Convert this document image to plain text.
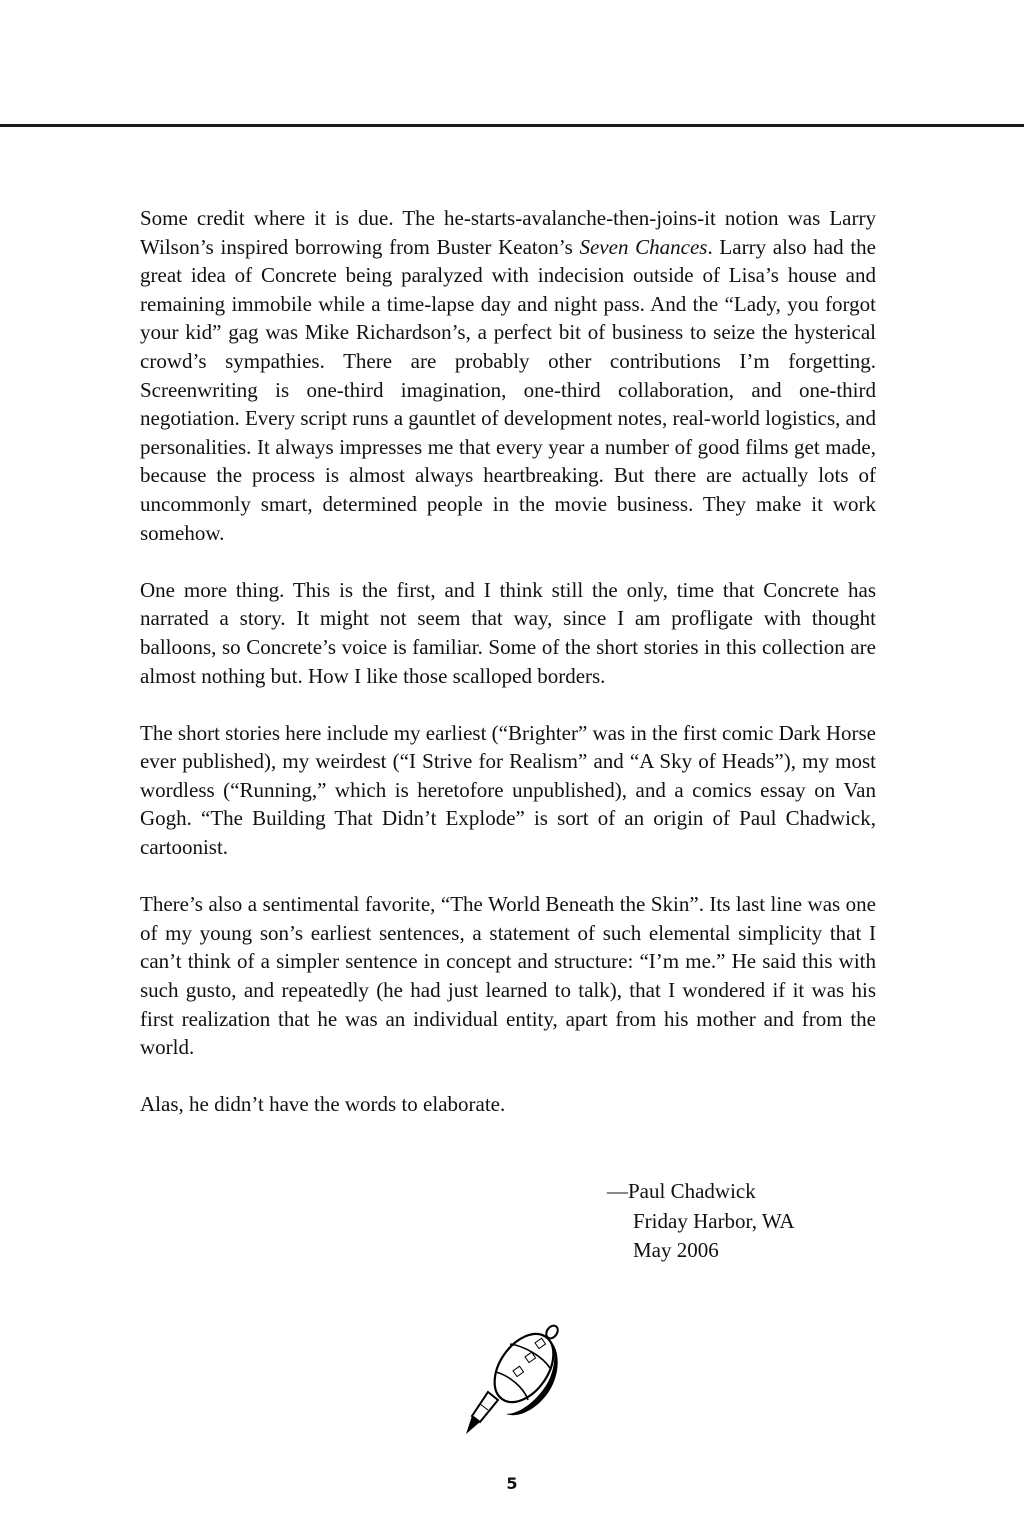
Some credit where it is due. The he-starts-avalanche-then-joins-it notion was Larry Wilson’s inspired borrowing from Buster Keaton’s Seven Chances. Larry also had the great idea of Concrete being paralyzed with indecision outside of Lisa’s house and remaining immobile while a time-lapse day and night pass. And the “Lady, you forgot your kid” gag was Mike Richardson’s, a perfect bit of business to seize the hysterical crowd’s sympathies. There are probably other contributions I’m forgetting. Screenwriting is one-third imagination, one-third collaboration, and one-third negotiation. Every script runs a gauntlet of development notes, real-world logistics, and personalities. It always impresses me that every year a number of good films get made, because the process is almost always heartbreaking. But there are actually lots of uncommonly smart, determined people in the movie business. They make it work somehow.

One more thing. This is the first, and I think still the only, time that Concrete has narrated a story. It might not seem that way, since I am profligate with thought balloons, so Concrete’s voice is familiar. Some of the short stories in this collection are almost nothing but. How I like those scalloped borders.

The short stories here include my earliest (“Brighter” was in the first comic Dark Horse ever published), my weirdest (“I Strive for Realism” and “A Sky of Heads”), my most wordless (“Running,” which is heretofore unpublished), and a comics essay on Van Gogh. “The Building That Didn’t Explode” is sort of an origin of Paul Chadwick, cartoonist.

There’s also a sentimental favorite, “The World Beneath the Skin”. Its last line was one of my young son’s earliest sentences, a statement of such elemental simplicity that I can’t think of a simpler sentence in concept and structure: “I’m me.” He said this with such gusto, and repeatedly (he had just learned to talk), that I wondered if it was his first realization that he was an individual entity, apart from his mother and from the world.

Alas, he didn’t have the words to elaborate.

—Paul Chadwick
Friday Harbor, WA
May 2006
5
